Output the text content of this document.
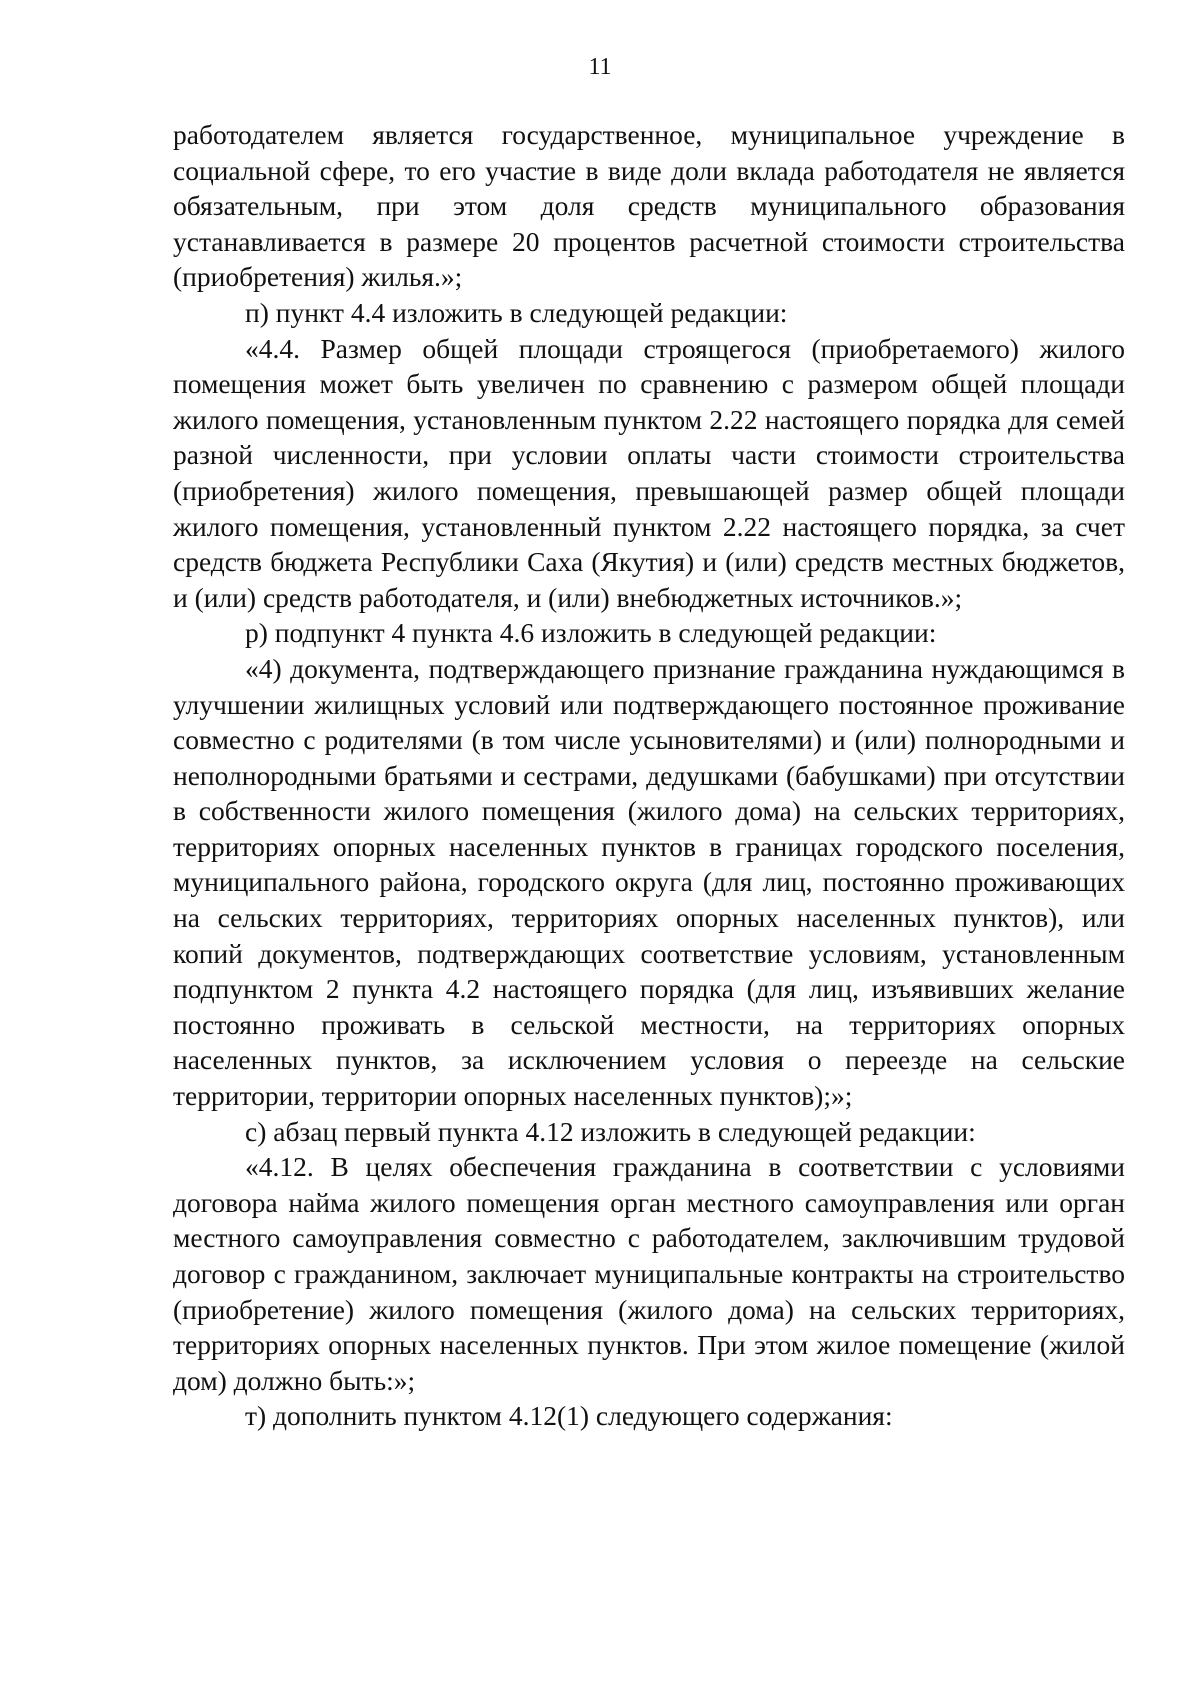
11

работодателем является государственное, муниципальное учреждение в социальной сфере, то его участие в виде доли вклада работодателя не является обязательным, при этом доля средств муниципального образования устанавливается в размере 20 процентов расчетной стоимости строительства (приобретения) жилья.»;

п) пункт 4.4 изложить в следующей редакции:

«4.4. Размер общей площади строящегося (приобретаемого) жилого помещения может быть увеличен по сравнению с размером общей площади жилого помещения, установленным пунктом 2.22 настоящего порядка для семей разной численности, при условии оплаты части стоимости строительства (приобретения) жилого помещения, превышающей размер общей площади жилого помещения, установленный пунктом 2.22 настоящего порядка, за счет средств бюджета Республики Саха (Якутия) и (или) средств местных бюджетов, и (или) средств работодателя, и (или) внебюджетных источников.»;

р) подпункт 4 пункта 4.6 изложить в следующей редакции:

«4) документа, подтверждающего признание гражданина нуждающимся в улучшении жилищных условий или подтверждающего постоянное проживание совместно с родителями (в том числе усыновителями) и (или) полнородными и неполнородными братьями и сестрами, дедушками (бабушками) при отсутствии в собственности жилого помещения (жилого дома) на сельских территориях, территориях опорных населенных пунктов в границах городского поселения, муниципального района, городского округа (для лиц, постоянно проживающих на сельских территориях, территориях опорных населенных пунктов), или копий документов, подтверждающих соответствие условиям, установленным подпунктом 2 пункта 4.2 настоящего порядка (для лиц, изъявивших желание постоянно проживать в сельской местности, на территориях опорных населенных пунктов, за исключением условия о переезде на сельские территории, территории опорных населенных пунктов);»;

с) абзац первый пункта 4.12 изложить в следующей редакции:

«4.12. В целях обеспечения гражданина в соответствии с условиями договора найма жилого помещения орган местного самоуправления или орган местного самоуправления совместно с работодателем, заключившим трудовой договор с гражданином, заключает муниципальные контракты на строительство (приобретение) жилого помещения (жилого дома) на сельских территориях, территориях опорных населенных пунктов. При этом жилое помещение (жилой дом) должно быть:»;

т) дополнить пунктом 4.12(1) следующего содержания:
